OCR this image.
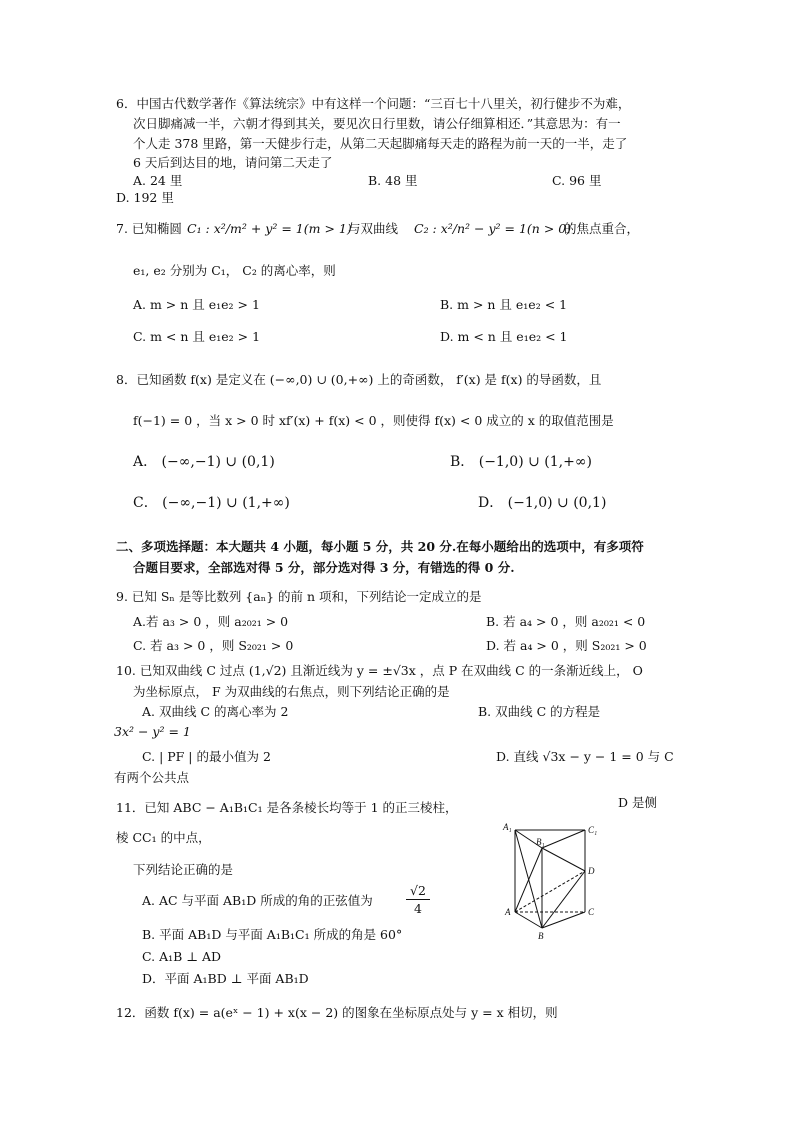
6．中国古代数学著作《算法统宗》中有这样一个问题：“三百七十八里关，初行健步不为难，
次日脚痛减一半，六朝才得到其关，要见次日行里数，请公仔细算相还．”其意思为：有一
个人走 378 里路，第一天健步行走，从第二天起脚痛每天走的路程为前一天的一半，走了
6 天后到达目的地，请问第二天走了
A. 24 里	B. 48 里	C. 96 里
D. 192 里
7. 已知椭圆 C₁ : x²/m² + y² = 1(m > 1)
与双曲线 C₂ : x²/n² − y² = 1(n > 0)
的焦点重合，
e₁, e₂ 分别为 C₁， C₂ 的离心率，则
A. m > n 且 e₁e₂ > 1	B. m > n 且 e₁e₂ < 1
C. m < n 且 e₁e₂ > 1	D. m < n 且 e₁e₂ < 1
8．已知函数 f(x) 是定义在 (−∞,0) ∪ (0,+∞) 上的奇函数， f′(x) 是 f(x) 的导函数，且
f(−1) = 0 ，当 x > 0 时 xf′(x) + f(x) < 0 ，则使得 f(x) < 0 成立的 x 的取值范围是
A． (−∞,−1) ∪ (0,1)	B． (−1,0) ∪ (1,+∞)
C． (−∞,−1) ∪ (1,+∞)	D． (−1,0) ∪ (0,1)
二、多项选择题：本大题共 4 小题，每小题 5 分，共 20 分.在每小题给出的选项中，有多项符
合题目要求，全部选对得 5 分，部分选对得 3 分，有错选的得 0 分.
9. 已知 Sₙ 是等比数列 {aₙ} 的前 n 项和，下列结论一定成立的是
A.若 a₃ > 0 ，则 a₂₀₂₁ > 0	B. 若 a₄ > 0 ，则 a₂₀₂₁ < 0
C. 若 a₃ > 0 ，则 S₂₀₂₁ > 0	D. 若 a₄ > 0 ，则 S₂₀₂₁ > 0
10. 已知双曲线 C 过点 (1,√2) 且渐近线为 y = ±√3x ，点 P 在双曲线 C 的一条渐近线上， O
为坐标原点， F 为双曲线的右焦点，则下列结论正确的是
A. 双曲线 C 的离心率为 2	B. 双曲线 C 的方程是
3x² − y² = 1
C. | PF | 的最小值为 2	D. 直线 √3x − y − 1 = 0 与 C
有两个公共点
11．已知 ABC − A₁B₁C₁ 是各条棱长均等于 1 的正三棱柱，	D 是侧
棱 CC₁ 的中点，
下列结论正确的是
A. AC 与平面 AB₁D 所成的角的正弦值为	$\frac{√2}{4}$
B. 平面 AB₁D 与平面 A₁B₁C₁ 所成的角是 60°
C. A₁B ⊥ AD
D．平面 A₁BD ⊥ 平面 AB₁D
A₁
B₁
C₁
D
A	C
B
12．函数 f(x) = a(eˣ − 1) + x(x − 2) 的图象在坐标原点处与 y = x 相切，则
